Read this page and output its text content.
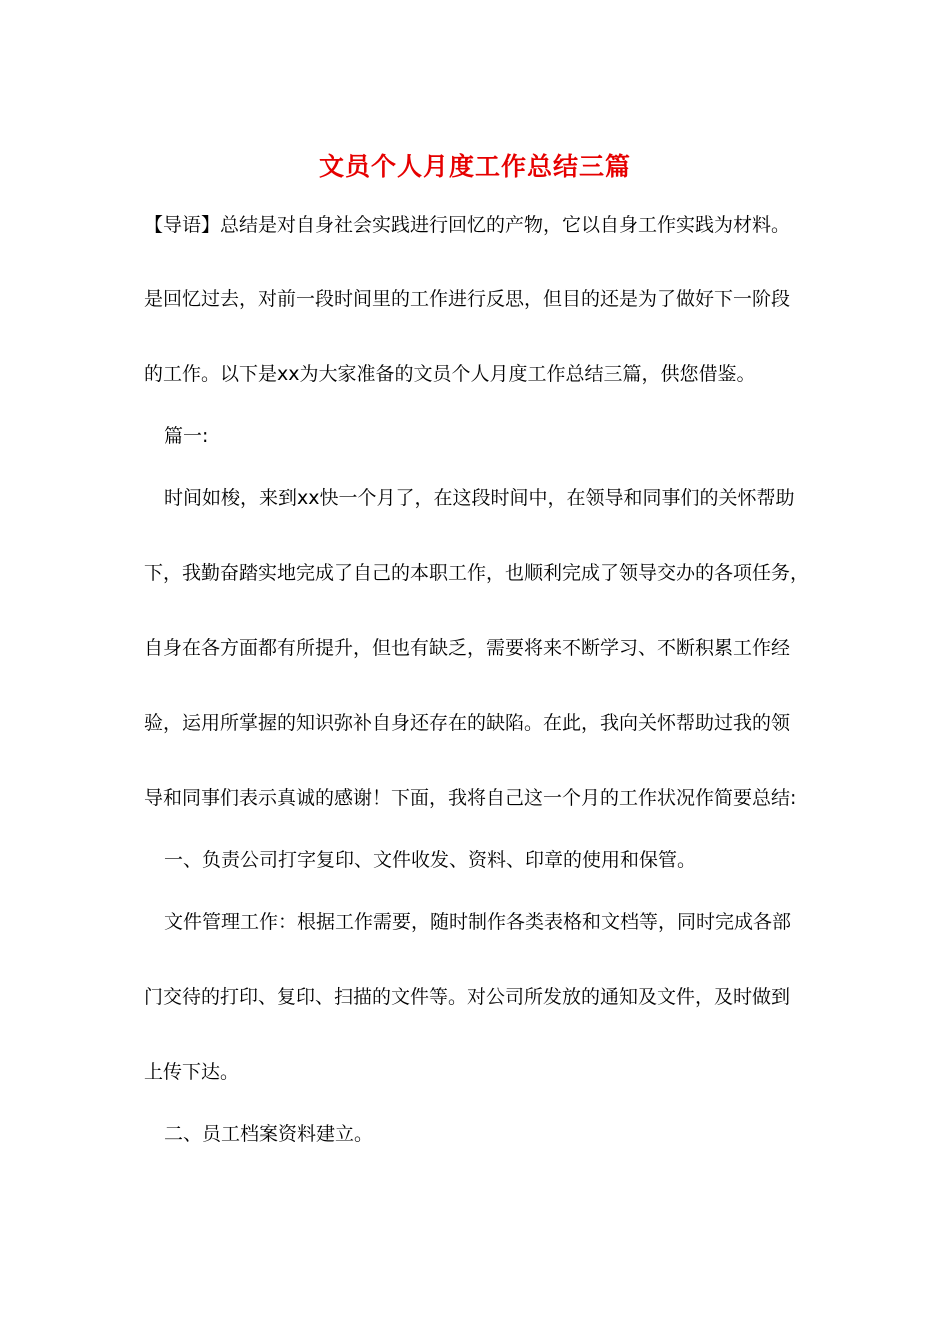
文员个人月度工作总结三篇
【导语】总结是对自身社会实践进行回忆的产物，它以自身工作实践为材料。
是回忆过去，对前一段时间里的工作进行反思，但目的还是为了做好下一阶段
的工作。以下是xx为大家准备的文员个人月度工作总结三篇，供您借鉴。
篇一:
时间如梭，来到xx快一个月了，在这段时间中，在领导和同事们的关怀帮助
下，我勤奋踏实地完成了自己的本职工作，也顺利完成了领导交办的各项任务，
自身在各方面都有所提升，但也有缺乏，需要将来不断学习、不断积累工作经
验，运用所掌握的知识弥补自身还存在的缺陷。在此，我向关怀帮助过我的领
导和同事们表示真诚的感谢！下面，我将自己这一个月的工作状况作简要总结:
一、负责公司打字复印、文件收发、资料、印章的使用和保管。
文件管理工作：根据工作需要，随时制作各类表格和文档等，同时完成各部
门交待的打印、复印、扫描的文件等。对公司所发放的通知及文件，及时做到
上传下达。
二、员工档案资料建立。
